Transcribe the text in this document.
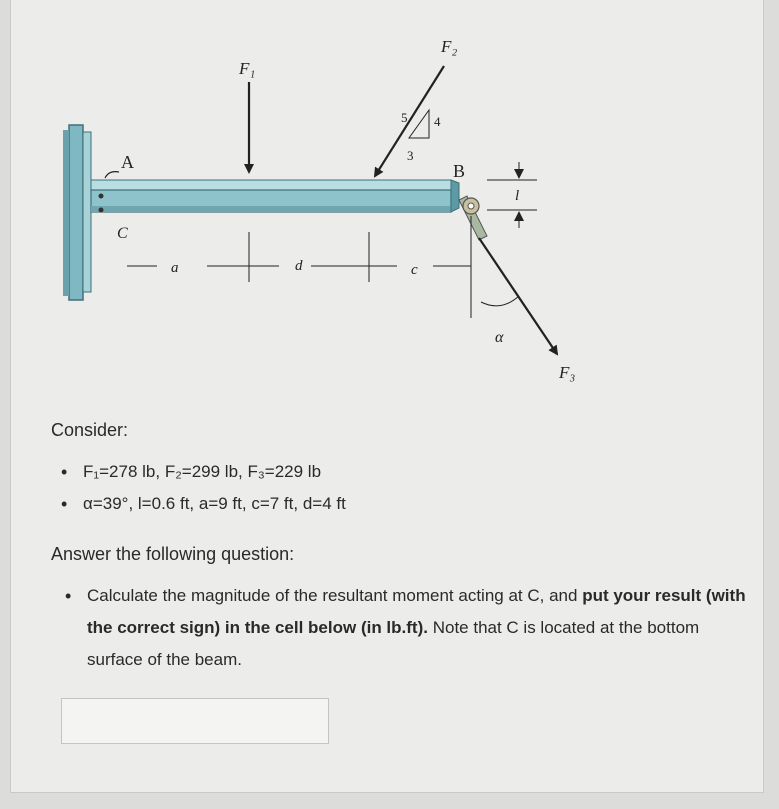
F₁
F₂
5 4
3
F₃
α
A	B
C
a	d	c
l
Consider:
• F₁=278 lb, F₂=299 lb, F₃=229 lb
• α=39°, l=0.6 ft, a=9 ft, c=7 ft, d=4 ft
Answer the following question:
• Calculate the magnitude of the resultant moment acting at C, and put your result (with the correct sign) in the cell below (in lb.ft). Note that C is located at the bottom surface of the beam.
